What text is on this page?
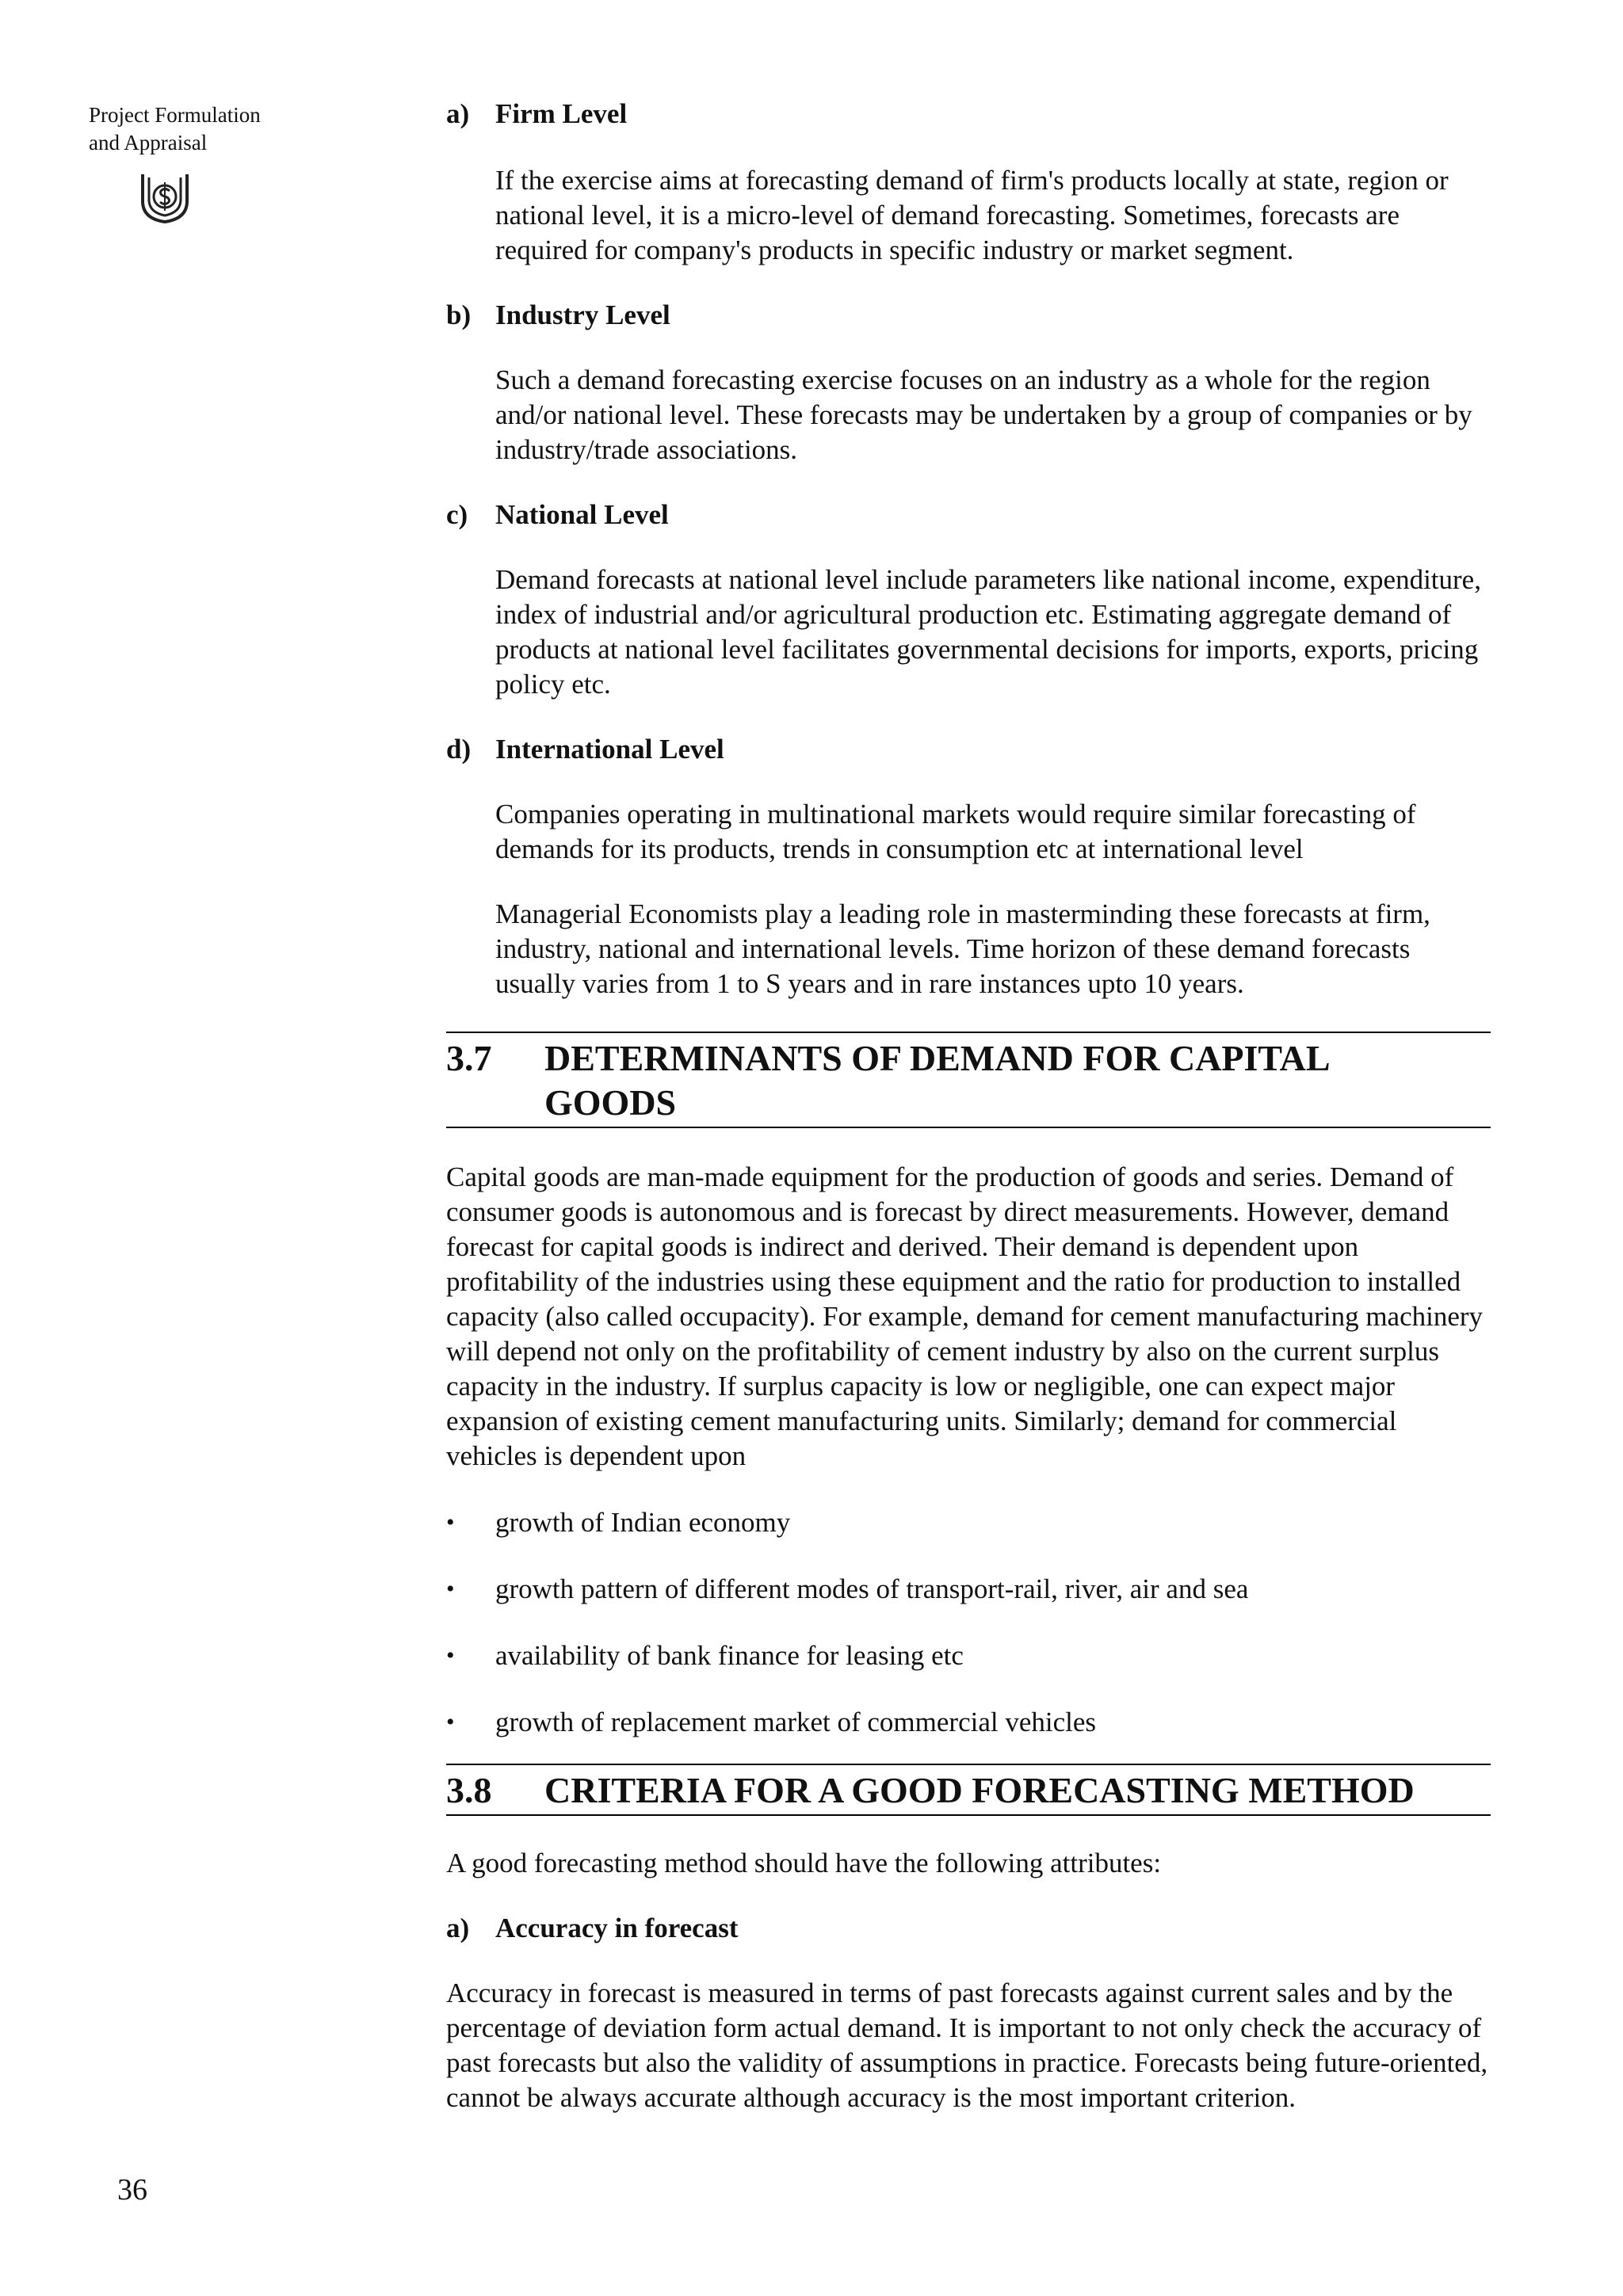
Project Formulation

and Appraisal

36
a) Firm Level

If the exercise aims at forecasting demand of firm's products locally at state, region or national level, it is a micro-level of demand forecasting. Sometimes, forecasts are required for company's products in specific industry or market segment.

b) Industry Level

Such a demand forecasting exercise focuses on an industry as a whole for the region and/or national level. These forecasts may be undertaken by a group of companies or by industry/trade associations.

c) National Level

Demand forecasts at national level include parameters like national income, expenditure, index of industrial and/or agricultural production etc. Estimating aggregate demand of products at national level facilitates governmental decisions for imports, exports, pricing policy etc.

d) International Level

Companies operating in multinational markets would require similar forecasting of demands for its products, trends in consumption etc at international level

Managerial Economists play a leading role in masterminding these forecasts at firm, industry, national and international levels. Time horizon of these demand forecasts usually varies from 1 to S years and in rare instances upto 10 years.

3.7	DETERMINANTS OF DEMAND FOR CAPITAL
GOODS

Capital goods are man-made equipment for the production of goods and series. Demand of consumer goods is autonomous and is forecast by direct measurements. However, demand forecast for capital goods is indirect and derived. Their demand is dependent upon profitability of the industries using these equipment and the ratio for production to installed capacity (also called occupacity). For example, demand for cement manufacturing machinery will depend not only on the profitability of cement industry by also on the current surplus capacity in the industry. If surplus capacity is low or negligible, one can expect major expansion of existing cement manufacturing units. Similarly; demand for commercial vehicles is dependent upon

•	growth of Indian economy
•	growth pattern of different modes of transport-rail, river, air and sea
•	availability of bank finance for leasing etc
•	growth of replacement market of commercial vehicles
3.8	CRITERIA FOR A GOOD FORECASTING METHOD

A good forecasting method should have the following attributes:

a) Accuracy in forecast

Accuracy in forecast is measured in terms of past forecasts against current sales and by the percentage of deviation form actual demand. It is important to not only check the accuracy of past forecasts but also the validity of assumptions in practice. Forecasts being future-oriented, cannot be always accurate although accuracy is the most important criterion.
